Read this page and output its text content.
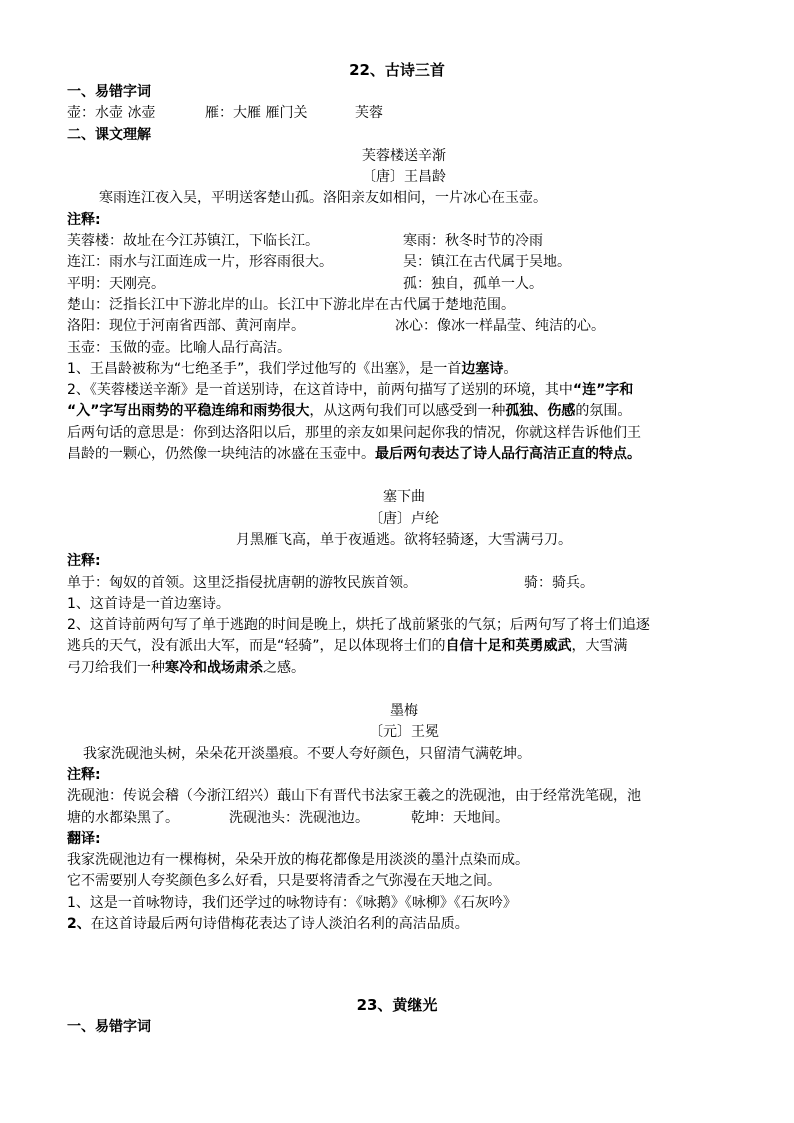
22、古诗三首
一、易错字词
壶：水壶 冰壶	雁：大雁 雁门关	芙蓉
二、课文理解
芙蓉楼送辛渐
〔唐〕王昌龄
寒雨连江夜入吴，平明送客楚山孤。洛阳亲友如相问，一片冰心在玉壶。
注释:
芙蓉楼：故址在今江苏镇江，下临长江。	寒雨：秋冬时节的冷雨
连江：雨水与江面连成一片，形容雨很大。	吴：镇江在古代属于吴地。
平明：天刚亮。	孤：独自，孤单一人。
楚山：泛指长江中下游北岸的山。长江中下游北岸在古代属于楚地范围。
洛阳：现位于河南省西部、黄河南岸。	冰心：像冰一样晶莹、纯洁的心。
玉壶：玉做的壶。比喻人品行高洁。
1、王昌龄被称为“七绝圣手”，我们学过他写的《出塞》，是一首边塞诗。
2、《芙蓉楼送辛渐》是一首送别诗，在这首诗中，前两句描写了送别的环境，其中“连”字和
“入”字写出雨势的平稳连绵和雨势很大，从这两句我们可以感受到一种孤独、伤感的氛围。
后两句话的意思是：你到达洛阳以后，那里的亲友如果问起你我的情况，你就这样告诉他们王
昌龄的一颗心，仍然像一块纯洁的冰盛在玉壶中。最后两句表达了诗人品行高洁正直的特点。
塞下曲
〔唐〕卢纶
月黑雁飞高，单于夜遁逃。欲将轻骑逐，大雪满弓刀。
注释:
单于：匈奴的首领。这里泛指侵扰唐朝的游牧民族首领。	骑：骑兵。
1、这首诗是一首边塞诗。
2、这首诗前两句写了单于逃跑的时间是晚上，烘托了战前紧张的气氛；后两句写了将士们追逐
逃兵的天气，没有派出大军，而是“轻骑”，足以体现将士们的自信十足和英勇威武，大雪满
弓刀给我们一种寒冷和战场肃杀之感。
墨梅
〔元〕王冕
我家洗砚池头树，朵朵花开淡墨痕。不要人夸好颜色，只留清气满乾坤。
注释:
洗砚池：传说会稽（今浙江绍兴）蕺山下有晋代书法家王羲之的洗砚池，由于经常洗笔砚，池
塘的水都染黑了。	洗砚池头：洗砚池边。	乾坤：天地间。
翻译:
我家洗砚池边有一棵梅树，朵朵开放的梅花都像是用淡淡的墨汁点染而成。
它不需要别人夸奖颜色多么好看，只是要将清香之气弥漫在天地之间。
1、这是一首咏物诗，我们还学过的咏物诗有：《咏鹅》《咏柳》《石灰吟》
2、在这首诗最后两句诗借梅花表达了诗人淡泊名利的高洁品质。
23、黄继光
一、易错字词
